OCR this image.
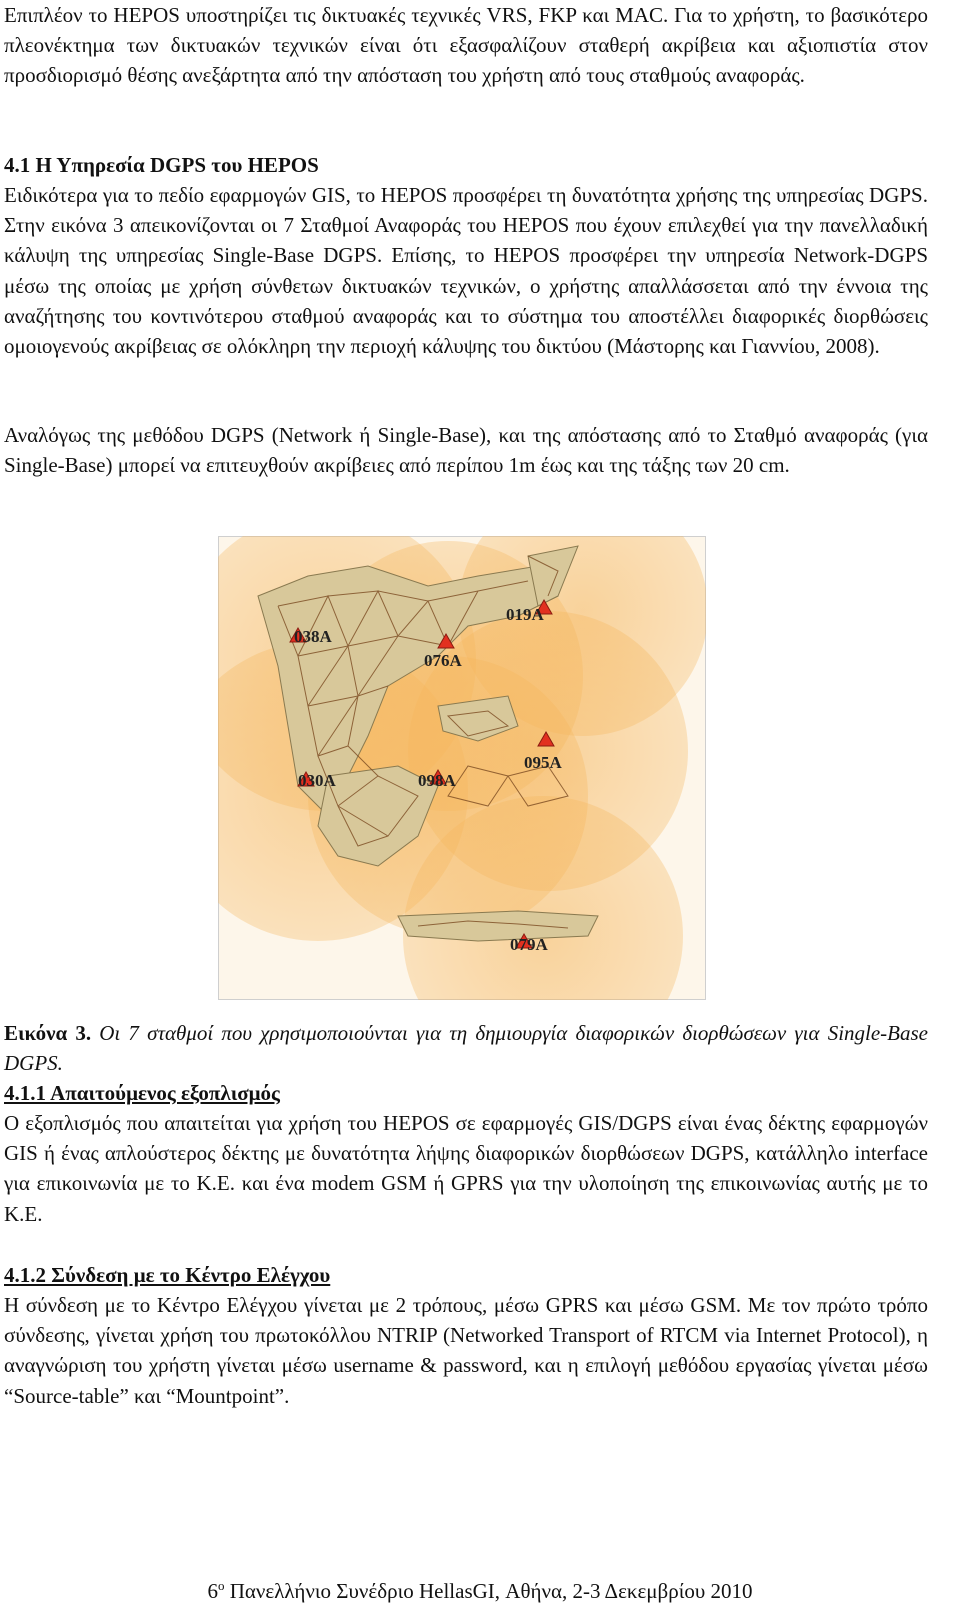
Επιπλέον το HEPOS υποστηρίζει τις δικτυακές τεχνικές VRS, FKP και MAC. Για το χρήστη, το βασικότερο πλεονέκτημα των δικτυακών τεχνικών είναι ότι εξασφαλίζουν σταθερή ακρίβεια και αξιοπιστία στον προσδιορισμό θέσης ανεξάρτητα από την απόσταση του χρήστη από τους σταθμούς αναφοράς.

4.1 Η Υπηρεσία DGPS του HEPOS

Ειδικότερα για το πεδίο εφαρμογών GIS, το HEPOS προσφέρει τη δυνατότητα χρήσης της υπηρεσίας DGPS. Στην εικόνα 3 απεικονίζονται οι 7 Σταθμοί Αναφοράς του HEPOS που έχουν επιλεχθεί για την πανελλαδική κάλυψη της υπηρεσίας Single-Base DGPS. Επίσης, το HEPOS προσφέρει την υπηρεσία Network-DGPS μέσω της οποίας με χρήση σύνθετων δικτυακών τεχνικών, ο χρήστης απαλλάσσεται από την έννοια της αναζήτησης του κοντινότερου σταθμού αναφοράς και το σύστημα του αποστέλλει διαφορικές διορθώσεις ομοιογενούς ακρίβειας σε ολόκληρη την περιοχή κάλυψης του δικτύου (Μάστορης και Γιαννίου, 2008).

Αναλόγως της μεθόδου DGPS (Network ή Single-Base), και της απόστασης από το Σταθμό αναφοράς (για Single-Base) μπορεί να επιτευχθούν ακρίβειες από περίπου 1m έως και της τάξης των 20 cm.

019A
038A
076A
030A	098A
095A
079A

Εικόνα 3. Οι 7 σταθμοί που χρησιμοποιούνται για τη δημιουργία διαφορικών διορθώσεων για Single-Base DGPS.

4.1.1 Απαιτούμενος εξοπλισμός

Ο εξοπλισμός που απαιτείται για χρήση του HEPOS σε εφαρμογές GIS/DGPS είναι ένας δέκτης εφαρμογών GIS ή ένας απλούστερος δέκτης με δυνατότητα λήψης διαφορικών διορθώσεων DGPS, κατάλληλο interface για επικοινωνία με το Κ.Ε. και ένα modem GSM ή GPRS για την υλοποίηση της επικοινωνίας αυτής με το Κ.Ε.

4.1.2 Σύνδεση με το Κέντρο Ελέγχου

Η σύνδεση με το Κέντρο Ελέγχου γίνεται με 2 τρόπους, μέσω GPRS και μέσω GSM. Με τον πρώτο τρόπο σύνδεσης, γίνεται χρήση του πρωτοκόλλου NTRIP (Networked Transport of RTCM via Internet Protocol), η αναγνώριση του χρήστη γίνεται μέσω username & password, και η επιλογή μεθόδου εργασίας γίνεται μέσω “Source-table” και “Mountpoint”.

$6^o$ Πανελλήνιο Συνέδριο HellasGI, Αθήνα, 2-3 Δεκεμβρίου 2010
